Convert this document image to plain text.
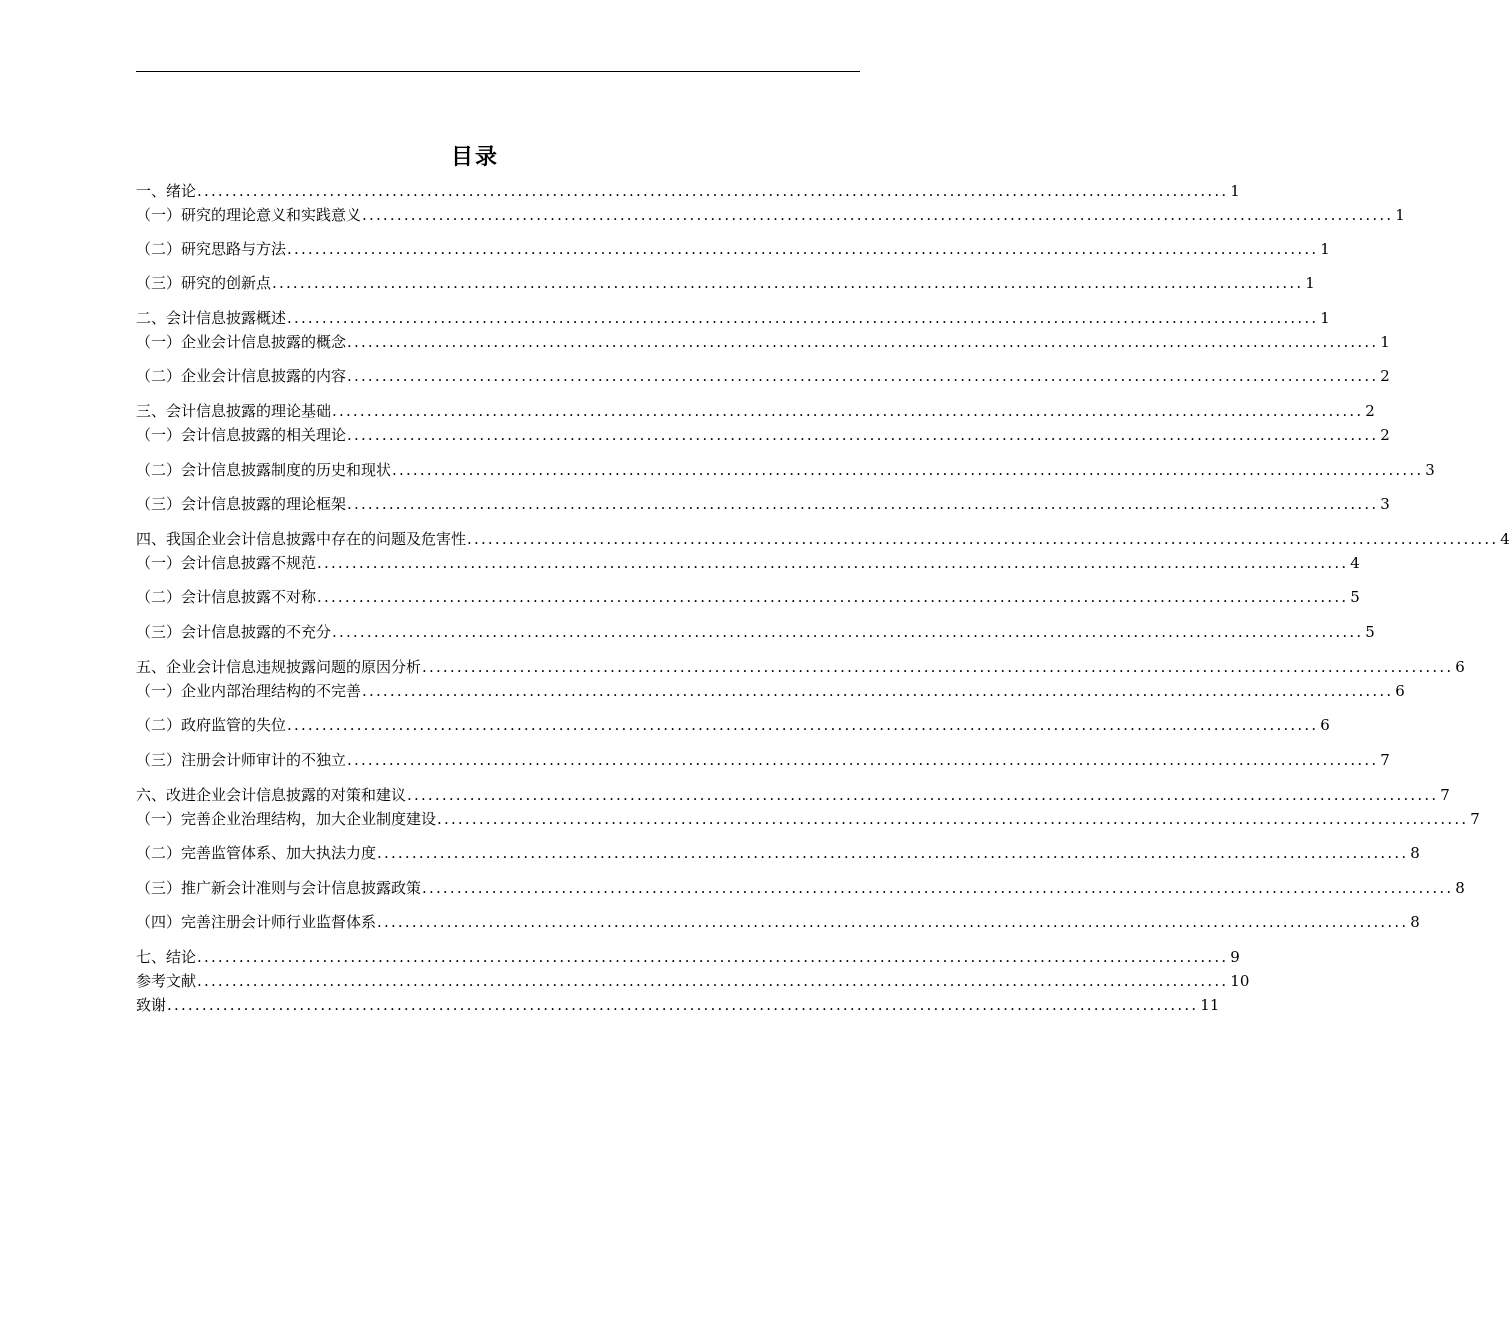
目录
一、绪论 .................................................................................................................................................... 1
（一）研究的理论意义和实践意义 .................................................................................................................................................... 1
（二）研究思路与方法 .................................................................................................................................................... 1
（三）研究的创新点 .................................................................................................................................................... 1
二、会计信息披露概述 .................................................................................................................................................... 1
（一）企业会计信息披露的概念 .................................................................................................................................................... 1
（二）企业会计信息披露的内容 .................................................................................................................................................... 2
三、会计信息披露的理论基础 .................................................................................................................................................... 2
（一）会计信息披露的相关理论 .................................................................................................................................................... 2
（二）会计信息披露制度的历史和现状 .................................................................................................................................................... 3
（三）会计信息披露的理论框架 .................................................................................................................................................... 3
四、我国企业会计信息披露中存在的问题及危害性 .................................................................................................................................................... 4
（一）会计信息披露不规范 .................................................................................................................................................... 4
（二）会计信息披露不对称 .................................................................................................................................................... 5
（三）会计信息披露的不充分 .................................................................................................................................................... 5
五、企业会计信息违规披露问题的原因分析 .................................................................................................................................................... 6
（一）企业内部治理结构的不完善 .................................................................................................................................................... 6
（二）政府监管的失位 .................................................................................................................................................... 6
（三）注册会计师审计的不独立 .................................................................................................................................................... 7
六、改进企业会计信息披露的对策和建议 .................................................................................................................................................... 7
（一）完善企业治理结构，加大企业制度建设 .................................................................................................................................................... 7
（二）完善监管体系、加大执法力度 .................................................................................................................................................... 8
（三）推广新会计准则与会计信息披露政策 .................................................................................................................................................... 8
（四）完善注册会计师行业监督体系 .................................................................................................................................................... 8
七、结论 .................................................................................................................................................... 9
参考文献 .................................................................................................................................................... 10
致谢 .................................................................................................................................................... 11
